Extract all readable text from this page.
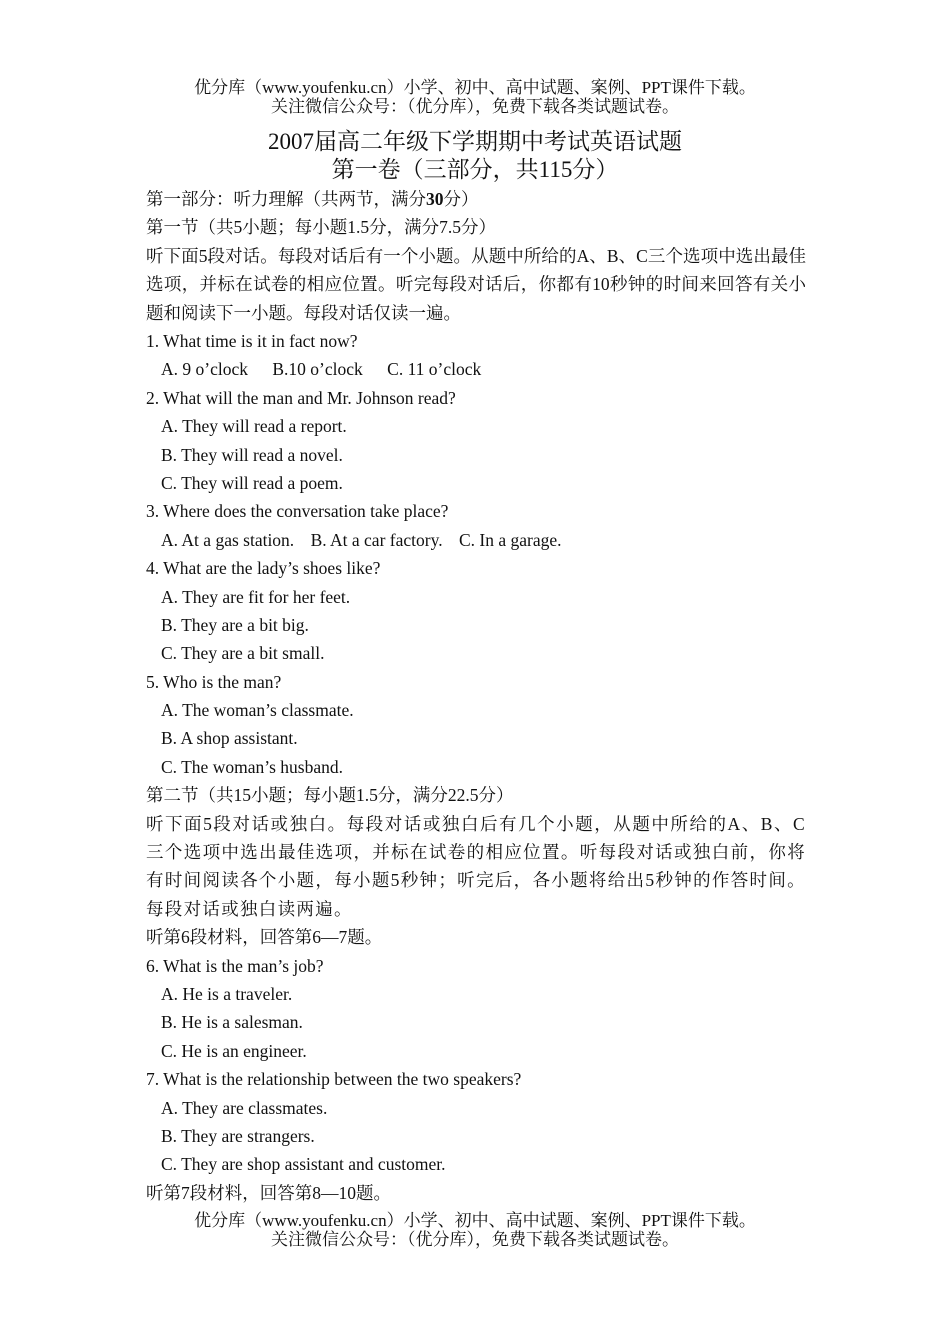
优分库（www.youfenku.cn）小学、初中、高中试题、案例、PPT课件下载。
关注微信公众号：（优分库），免费下载各类试题试卷。
2007届高二年级下学期期中考试英语试题
第一卷（三部分，共115分）
第一部分：听力理解（共两节，满分30分）
第一节（共5小题；每小题1.5分，满分7.5分）
听下面5段对话。每段对话后有一个小题。从题中所给的A、B、C三个选项中选出最佳选项，并标在试卷的相应位置。听完每段对话后，你都有10秒钟的时间来回答有关小题和阅读下一小题。每段对话仅读一遍。
1. What time is it in fact now?
A. 9 o’clock B.10 o’clock C. 11 o’clock
2. What will the man and Mr. Johnson read?
A. They will read a report.
B. They will read a novel.
C. They will read a poem.
3. Where does the conversation take place?
A. At a gas station. B. At a car factory. C. In a garage.
4. What are the lady’s shoes like?
A. They are fit for her feet.
B. They are a bit big.
C. They are a bit small.
5. Who is the man?
A. The woman’s classmate.
B. A shop assistant.
C. The woman’s husband.
第二节（共15小题；每小题1.5分，满分22.5分）
听下面5段对话或独白。每段对话或独白后有几个小题，从题中所给的A、B、C三个选项中选出最佳选项，并标在试卷的相应位置。听每段对话或独白前，你将有时间阅读各个小题，每小题5秒钟；听完后，各小题将给出5秒钟的作答时间。每段对话或独白读两遍。
听第6段材料，回答第6—7题。
6. What is the man’s job?
A. He is a traveler.
B. He is a salesman.
C. He is an engineer.
7. What is the relationship between the two speakers?
A. They are classmates.
B. They are strangers.
C. They are shop assistant and customer.
听第7段材料，回答第8—10题。
优分库（www.youfenku.cn）小学、初中、高中试题、案例、PPT课件下载。
关注微信公众号：（优分库），免费下载各类试题试卷。
